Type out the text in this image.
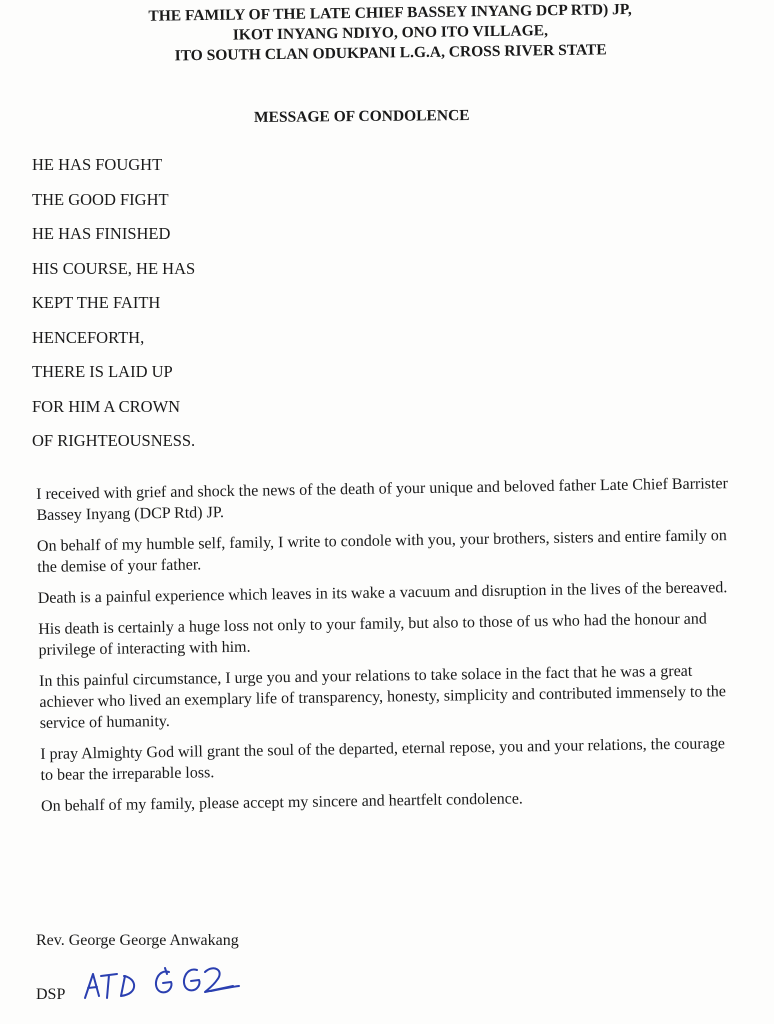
THE FAMILY OF THE LATE CHIEF BASSEY INYANG DCP RTD) JP,
IKOT INYANG NDIYO, ONO ITO VILLAGE,
ITO SOUTH CLAN ODUKPANI L.G.A, CROSS RIVER STATE
MESSAGE OF CONDOLENCE
HE HAS FOUGHT
THE GOOD FIGHT
HE HAS FINISHED
HIS COURSE, HE HAS
KEPT THE FAITH
HENCEFORTH,
THERE IS LAID UP
FOR HIM A CROWN
OF RIGHTEOUSNESS.

I received with grief and shock the news of the death of your unique and beloved father Late Chief Barrister Bassey Inyang (DCP Rtd) JP.

On behalf of my humble self, family, I write to condole with you, your brothers, sisters and entire family on the demise of your father.

Death is a painful experience which leaves in its wake a vacuum and disruption in the lives of the bereaved.

His death is certainly a huge loss not only to your family, but also to those of us who had the honour and privilege of interacting with him.

In this painful circumstance, I urge you and your relations to take solace in the fact that he was a great achiever who lived an exemplary life of transparency, honesty, simplicity and contributed immensely to the service of humanity.

I pray Almighty God will grant the soul of the departed, eternal repose, you and your relations, the courage to bear the irreparable loss.

On behalf of my family, please accept my sincere and heartfelt condolence.

Rev. George George Anwakang
DSP
